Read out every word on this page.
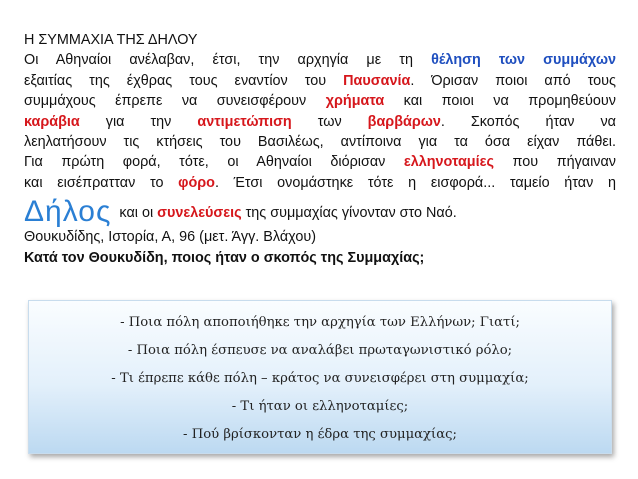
Η ΣΥΜΜΑΧΙΑ ΤΗΣ ΔΗΛΟΥ
Οι Αθηναίοι ανέλαβαν, έτσι, την αρχηγία με τη θέληση των συμμάχων
εξαιτίας της έχθρας τους εναντίον του Παυσανία. Όρισαν ποιοι από τους
συμμάχους έπρεπε να συνεισφέρουν χρήματα και ποιοι να προμηθεύουν
καράβια για την αντιμετώπιση των βαρβάρων. Σκοπός ήταν να
λεηλατήσουν τις κτήσεις του Βασιλέως, αντίποινα για τα όσα είχαν πάθει.
Για πρώτη φορά, τότε, οι Αθηναίοι διόρισαν ελληνοταμίες που πήγαιναν
και εισέπρατταν το φόρο. Έτσι ονομάστηκε τότε η εισφορά... ταμείο ήταν η
Δήλος και οι συνελεύσεις της συμμαχίας γίνονταν στο Ναό.
Θουκυδίδης, Ιστορία, Α, 96 (μετ. Άγγ. Βλάχου)
Κατά τον Θουκυδίδη, ποιος ήταν ο σκοπός της Συμμαχίας;
- Ποια πόλη αποποιήθηκε την αρχηγία των Ελλήνων; Γιατί;
- Ποια πόλη έσπευσε να αναλάβει πρωταγωνιστικό ρόλο;
- Τι έπρεπε κάθε πόλη – κράτος να συνεισφέρει στη συμμαχία;
- Τι ήταν οι ελληνοταμίες;
- Πού βρίσκονταν η έδρα της συμμαχίας;
